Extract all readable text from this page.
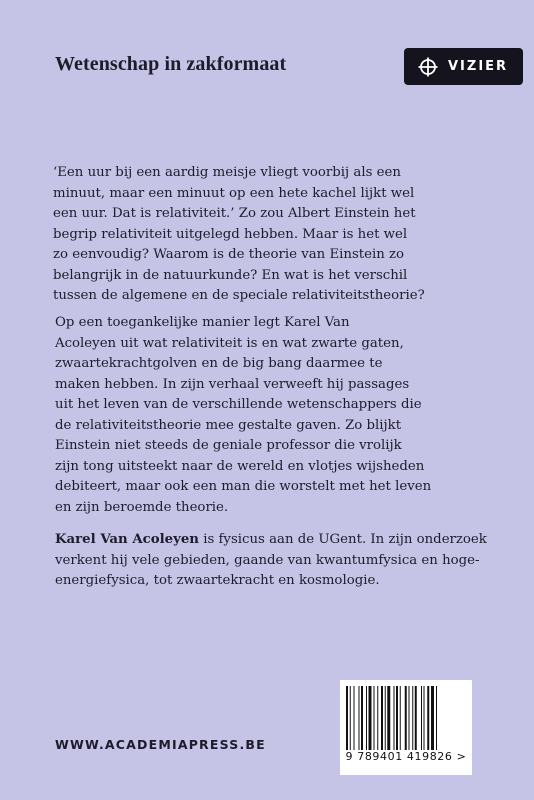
Wetenschap in zakformaat	VIZIER

‘Een uur bij een aardig meisje vliegt voorbij als een
minuut, maar een minuut op een hete kachel lijkt wel
een uur. Dat is relativiteit.’ Zo zou Albert Einstein het
begrip relativiteit uitgelegd hebben. Maar is het wel
zo eenvoudig? Waarom is de theorie van Einstein zo
belangrijk in de natuurkunde? En wat is het verschil
tussen de algemene en de speciale relativiteitstheorie?

Op een toegankelijke manier legt Karel Van
Acoleyen uit wat relativiteit is en wat zwarte gaten,
zwaartekrachtgolven en de big bang daarmee te
maken hebben. In zijn verhaal verweeft hij passages
uit het leven van de verschillende wetenschappers die
de relativiteitstheorie mee gestalte gaven. Zo blijkt
Einstein niet steeds de geniale professor die vrolijk
zijn tong uitsteekt naar de wereld en vlotjes wijsheden
debiteert, maar ook een man die worstelt met het leven
en zijn beroemde theorie.

Karel Van Acoleyen is fysicus aan de UGent. In zijn onderzoek
verkent hij vele gebieden, gaande van kwantumfysica en hoge-
energiefysica, tot zwaartekracht en kosmologie.

WWW.ACADEMIAPRESS.BE
9 789401 419826 >
